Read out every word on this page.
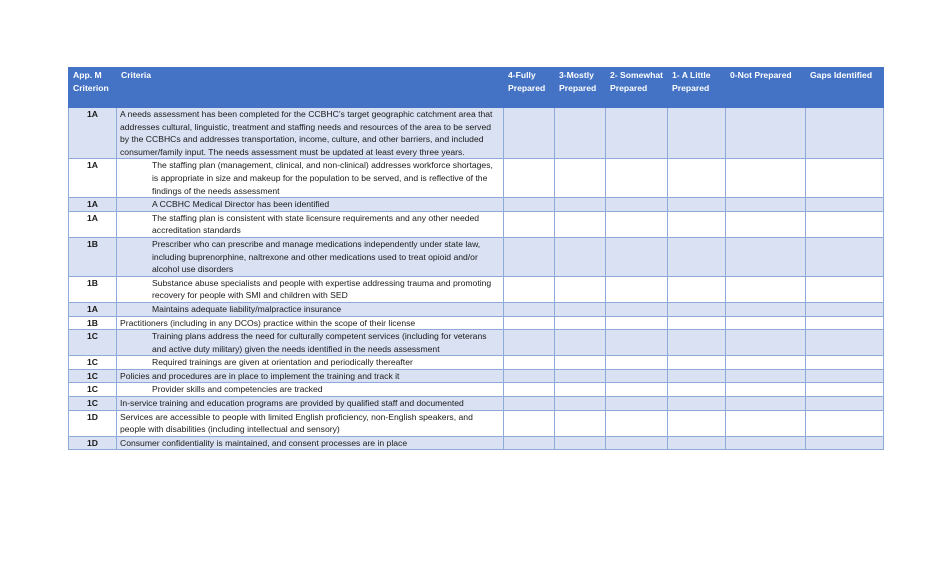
App. M Criterion	Criteria	4-Fully Prepared	3-Mostly Prepared	2- Somewhat Prepared	1- A Little Prepared	0-Not Prepared	Gaps Identified
1A	A needs assessment has been completed for the CCBHC’s target geographic catchment area that addresses cultural, linguistic, treatment and staffing needs and resources of the area to be served by the CCBHCs and addresses transportation, income, culture, and other barriers, and included consumer/family input. The needs assessment must be updated at least every three years.						
1A	The staffing plan (management, clinical, and non-clinical) addresses workforce shortages, is appropriate in size and makeup for the population to be served, and is reflective of the findings of the needs assessment						
1A	A CCBHC Medical Director has been identified						
1A	The staffing plan is consistent with state licensure requirements and any other needed accreditation standards						
1B	Prescriber who can prescribe and manage medications independently under state law, including buprenorphine, naltrexone and other medications used to treat opioid and/or alcohol use disorders						
1B	Substance abuse specialists and people with expertise addressing trauma and promoting recovery for people with SMI and children with SED						
1A	Maintains adequate liability/malpractice insurance						
1B	Practitioners (including in any DCOs) practice within the scope of their license						
1C	Training plans address the need for culturally competent services (including for veterans and active duty military) given the needs identified in the needs assessment						
1C	Required trainings are given at orientation and periodically thereafter						
1C	Policies and procedures are in place to implement the training and track it						
1C	Provider skills and competencies are tracked						
1C	In-service training and education programs are provided by qualified staff and documented						
1D	Services are accessible to people with limited English proficiency, non-English speakers, and people with disabilities (including intellectual and sensory)						
1D	Consumer confidentiality is maintained, and consent processes are in place						
